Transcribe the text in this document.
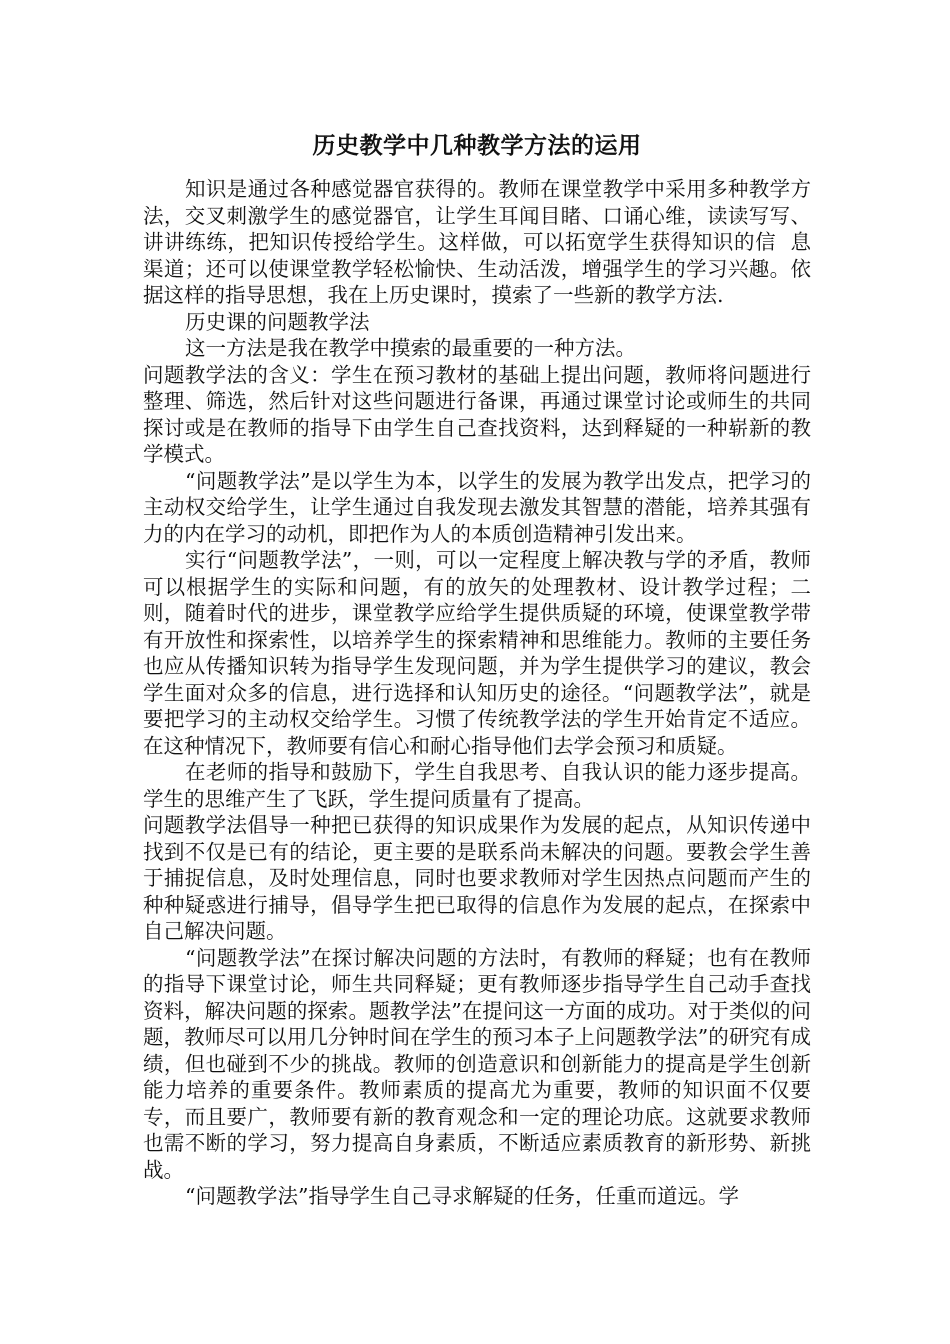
历史教学中几种教学方法的运用

知识是通过各种感觉器官获得的。教师在课堂教学中采用多种教学方法，交叉刺激学生的感觉器官，让学生耳闻目睹、口诵心维，读读写写、讲讲练练，把知识传授给学生。这样做，可以拓宽学生获得知识的信  息渠道；还可以使课堂教学轻松愉快、生动活泼，增强学生的学习兴趣。依据这样的指导思想，我在上历史课时，摸索了一些新的教学方法.

历史课的问题教学法

这一方法是我在教学中摸索的最重要的一种方法。

问题教学法的含义：学生在预习教材的基础上提出问题，教师将问题进行整理、筛选，然后针对这些问题进行备课，再通过课堂讨论或师生的共同探讨或是在教师的指导下由学生自己查找资料，达到释疑的一种崭新的教学模式。

“问题教学法”是以学生为本，以学生的发展为教学出发点，把学习的主动权交给学生，让学生通过自我发现去激发其智慧的潜能，培养其强有力的内在学习的动机，即把作为人的本质创造精神引发出来。

实行“问题教学法”，一则，可以一定程度上解决教与学的矛盾，教师可以根据学生的实际和问题，有的放矢的处理教材、设计教学过程；二则，随着时代的进步，课堂教学应给学生提供质疑的环境，使课堂教学带有开放性和探索性，以培养学生的探索精神和思维能力。教师的主要任务也应从传播知识转为指导学生发现问题，并为学生提供学习的建议，教会学生面对众多的信息，进行选择和认知历史的途径。“问题教学法”，就是要把学习的主动权交给学生。习惯了传统教学法的学生开始肯定不适应。在这种情况下，教师要有信心和耐心指导他们去学会预习和质疑。

在老师的指导和鼓励下，学生自我思考、自我认识的能力逐步提高。学生的思维产生了飞跃，学生提问质量有了提高。

问题教学法倡导一种把已获得的知识成果作为发展的起点，从知识传递中找到不仅是已有的结论，更主要的是联系尚未解决的问题。要教会学生善于捕捉信息，及时处理信息，同时也要求教师对学生因热点问题而产生的种种疑惑进行捕导，倡导学生把已取得的信息作为发展的起点，在探索中自己解决问题。

“问题教学法”在探讨解决问题的方法时，有教师的释疑；也有在教师的指导下课堂讨论，师生共同释疑；更有教师逐步指导学生自己动手查找资料，解决问题的探索。题教学法”在提问这一方面的成功。对于类似的问题，教师尽可以用几分钟时间在学生的预习本子上问题教学法”的研究有成绩，但也碰到不少的挑战。教师的创造意识和创新能力的提高是学生创新能力培养的重要条件。教师素质的提高尤为重要，教师的知识面不仅要专，而且要广，教师要有新的教育观念和一定的理论功底。这就要求教师也需不断的学习，努力提高自身素质，不断适应素质教育的新形势、新挑战。

“问题教学法”指导学生自己寻求解疑的任务，任重而道远。学
